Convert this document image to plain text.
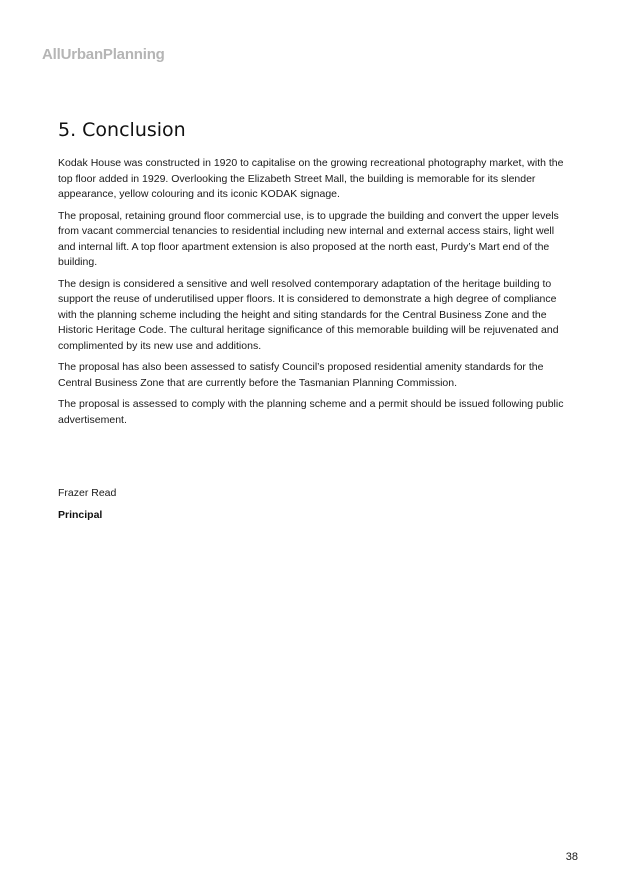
AllUrbanPlanning
5. Conclusion

Kodak House was constructed in 1920 to capitalise on the growing recreational photography market, with the top floor added in 1929. Overlooking the Elizabeth Street Mall, the building is memorable for its slender appearance, yellow colouring and its iconic KODAK signage.

The proposal, retaining ground floor commercial use, is to upgrade the building and convert the upper levels from vacant commercial tenancies to residential including new internal and external access stairs, light well and internal lift. A top floor apartment extension is also proposed at the north east, Purdy’s Mart end of the building.

The design is considered a sensitive and well resolved contemporary adaptation of the heritage building to support the reuse of underutilised upper floors. It is considered to demonstrate a high degree of compliance with the planning scheme including the height and siting standards for the Central Business Zone and the Historic Heritage Code. The cultural heritage significance of this memorable building will be rejuvenated and complimented by its new use and additions.

The proposal has also been assessed to satisfy Council’s proposed residential amenity standards for the Central Business Zone that are currently before the Tasmanian Planning Commission.

The proposal is assessed to comply with the planning scheme and a permit should be issued following public advertisement.

Frazer Read

Principal

38
